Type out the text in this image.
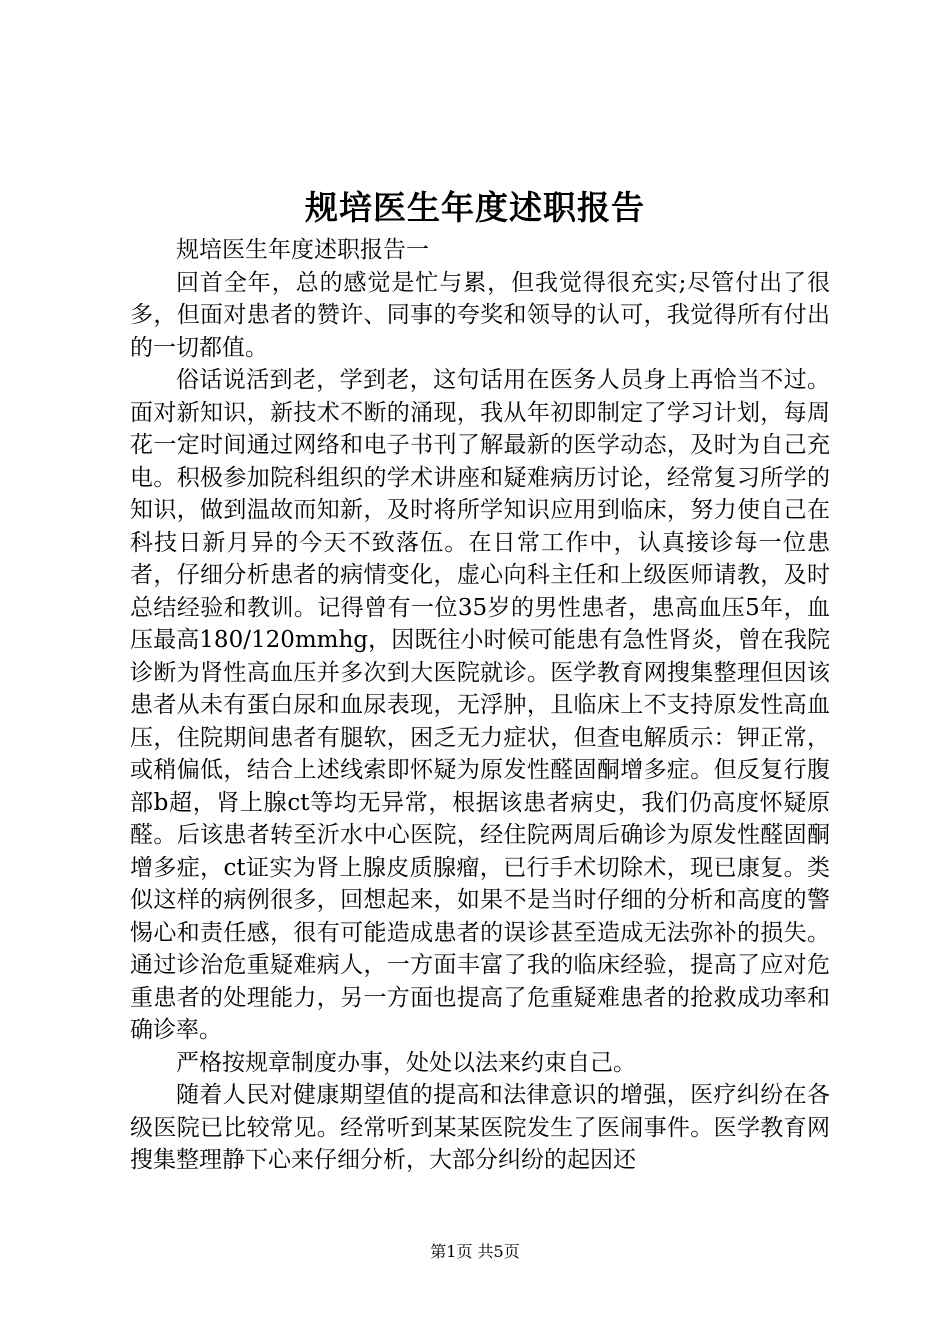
规培医生年度述职报告

规培医生年度述职报告一

回首全年，总的感觉是忙与累，但我觉得很充实;尽管付出了很多，但面对患者的赞许、同事的夸奖和领导的认可，我觉得所有付出的一切都值。

俗话说活到老，学到老，这句话用在医务人员身上再恰当不过。面对新知识，新技术不断的涌现，我从年初即制定了学习计划，每周花一定时间通过网络和电子书刊了解最新的医学动态，及时为自己充电。积极参加院科组织的学术讲座和疑难病历讨论，经常复习所学的知识，做到温故而知新，及时将所学知识应用到临床，努力使自己在科技日新月异的今天不致落伍。在日常工作中，认真接诊每一位患者，仔细分析患者的病情变化，虚心向科主任和上级医师请教，及时总结经验和教训。记得曾有一位35岁的男性患者，患高血压5年，血压最高180/120mmhg，因既往小时候可能患有急性肾炎，曾在我院诊断为肾性高血压并多次到大医院就诊。医学教育网搜集整理但因该患者从未有蛋白尿和血尿表现，无浮肿，且临床上不支持原发性高血压，住院期间患者有腿软，困乏无力症状，但查电解质示：钾正常，或稍偏低，结合上述线索即怀疑为原发性醛固酮增多症。但反复行腹部b超，肾上腺ct等均无异常，根据该患者病史，我们仍高度怀疑原醛。后该患者转至沂水中心医院，经住院两周后确诊为原发性醛固酮增多症，ct证实为肾上腺皮质腺瘤，已行手术切除术，现已康复。类似这样的病例很多，回想起来，如果不是当时仔细的分析和高度的警惕心和责任感，很有可能造成患者的误诊甚至造成无法弥补的损失。通过诊治危重疑难病人，一方面丰富了我的临床经验，提高了应对危重患者的处理能力，另一方面也提高了危重疑难患者的抢救成功率和确诊率。

严格按规章制度办事，处处以法来约束自己。

随着人民对健康期望值的提高和法律意识的增强，医疗纠纷在各级医院已比较常见。经常听到某某医院发生了医闹事件。医学教育网搜集整理静下心来仔细分析，大部分纠纷的起因还

第1页 共5页
